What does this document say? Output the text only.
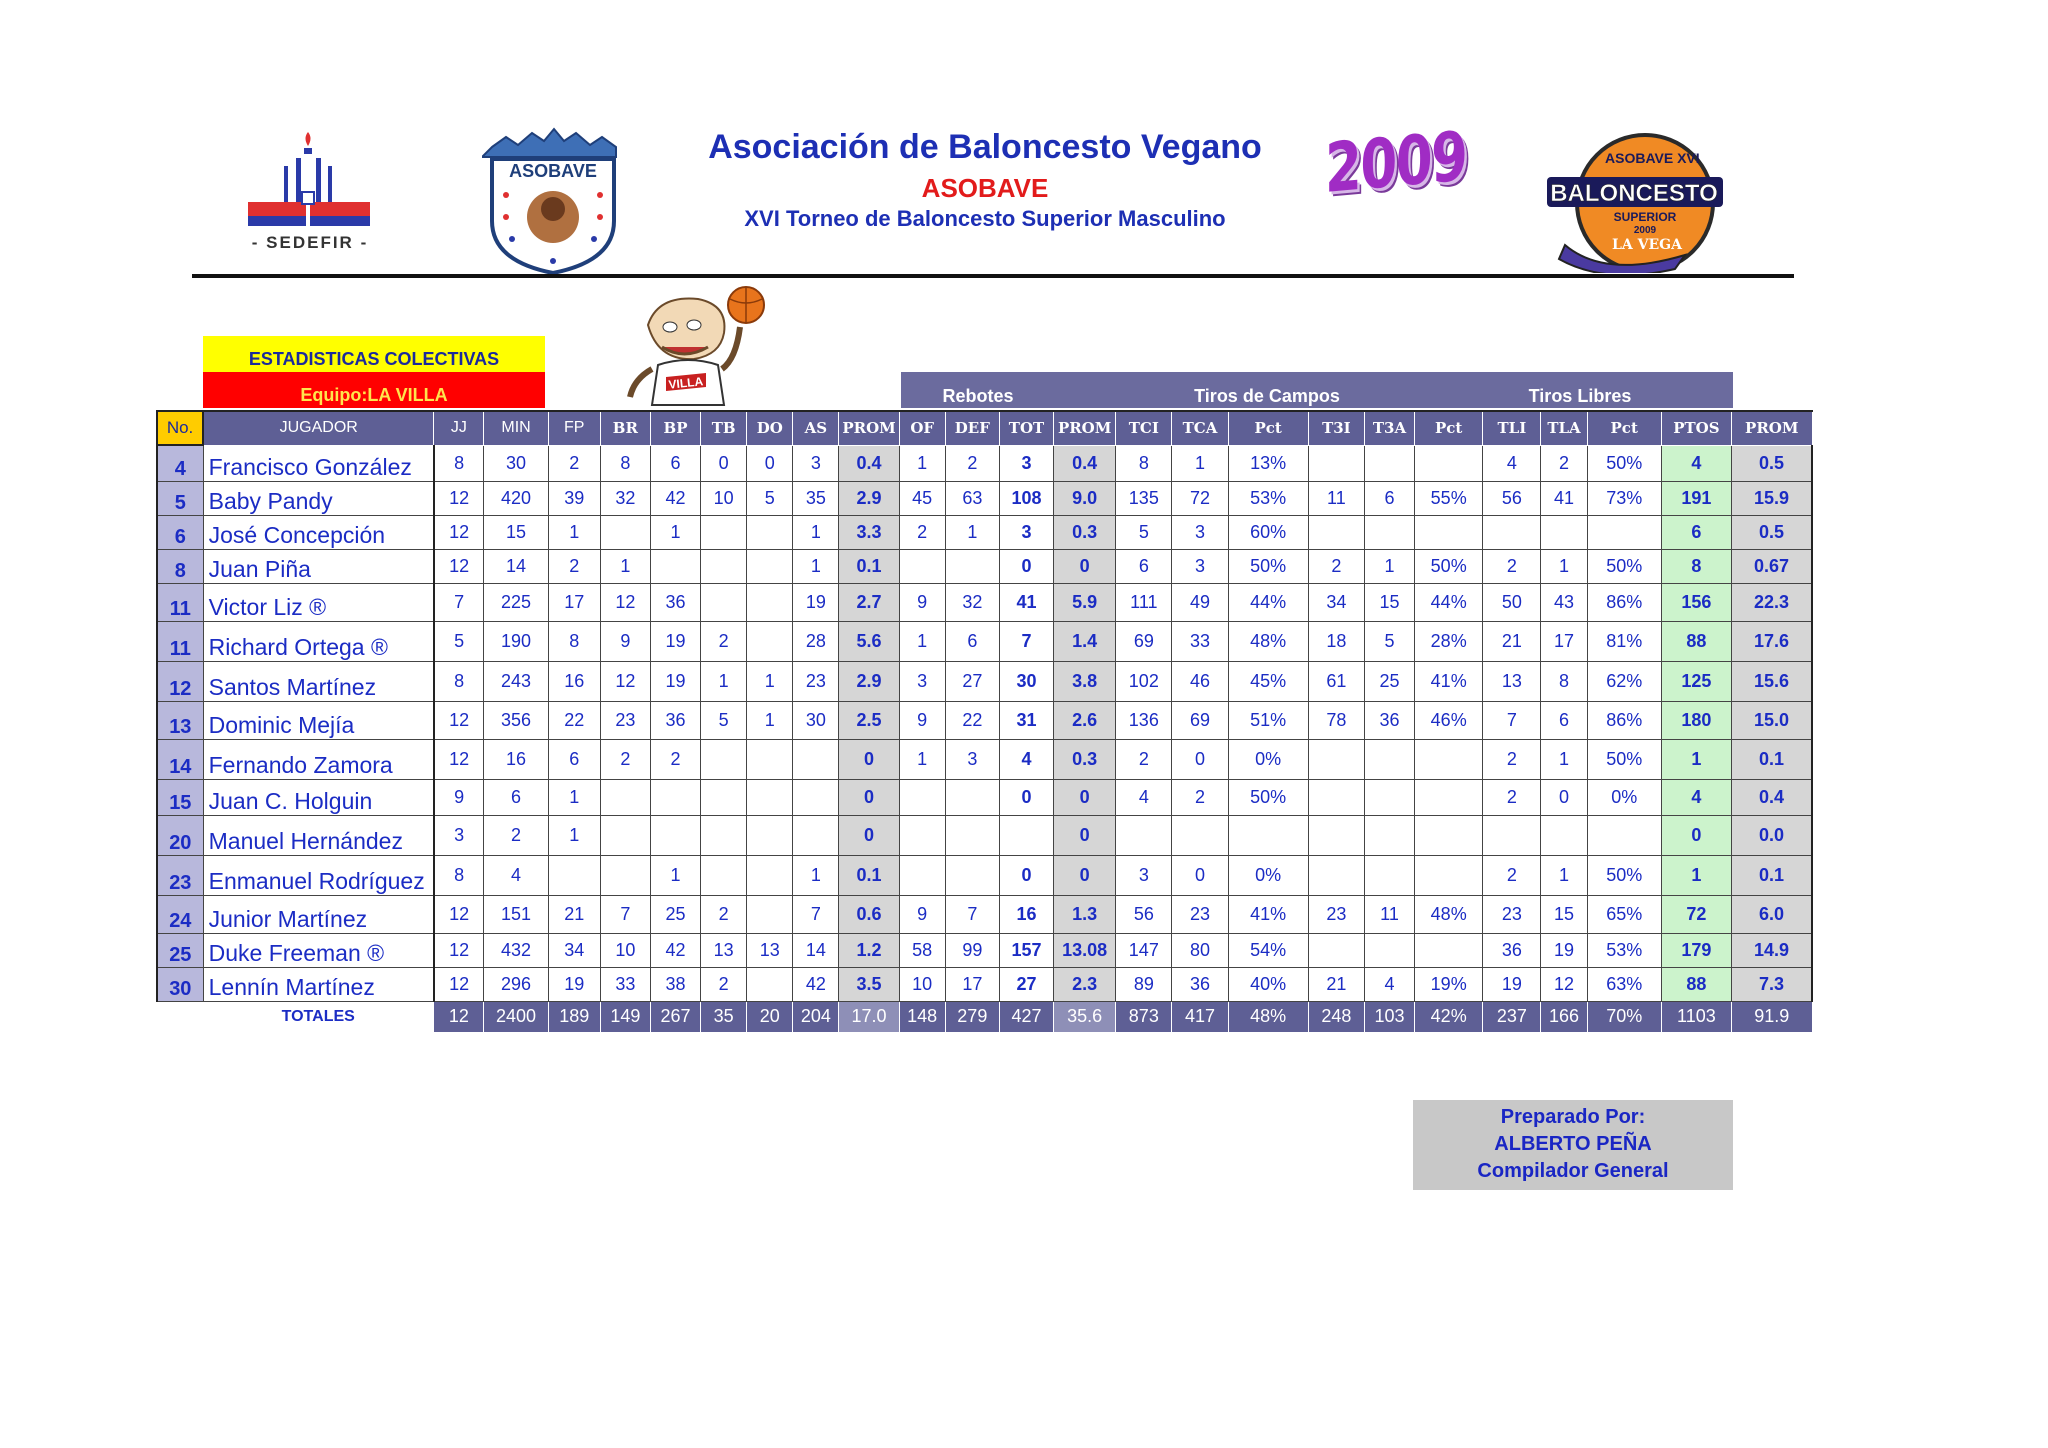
- SEDEFIR -
ASOBAVE
BALONCESTO
ASOBAVE XVI
SUPERIOR
2009
LA VEGA
VILLA
Asociación de Baloncesto Vegano
ASOBAVE
XVI Torneo de Baloncesto Superior Masculino
2009
ESTADISTICAS COLECTIVAS
Equipo:LA VILLA	Rebotes	Tiros de Campos	Tiros Libres
No.	JUGADOR	JJ	MIN	FP	BR	BP	TB	DO	AS	PROM	OF	DEF	TOT	PROM	TCI	TCA	Pct	T3I	T3A	Pct	TLI	TLA	Pct	PTOS	PROM
4	Francisco González	8	30	2	8	6	0	0	3	0.4	1	2	3	0.4	8	1	13%				4	2	50%	4	0.5
5	Baby Pandy	12	420	39	32	42	10	5	35	2.9	45	63	108	9.0	135	72	53%	11	6	55%	56	41	73%	191	15.9
6	José Concepción	12	15	1		1			1	3.3	2	1	3	0.3	5	3	60%							6	0.5
8	Juan Piña	12	14	2	1				1	0.1			0	0	6	3	50%	2	1	50%	2	1	50%	8	0.67
11	Victor Liz ®	7	225	17	12	36			19	2.7	9	32	41	5.9	111	49	44%	34	15	44%	50	43	86%	156	22.3
11	Richard Ortega ®	5	190	8	9	19	2		28	5.6	1	6	7	1.4	69	33	48%	18	5	28%	21	17	81%	88	17.6
12	Santos Martínez	8	243	16	12	19	1	1	23	2.9	3	27	30	3.8	102	46	45%	61	25	41%	13	8	62%	125	15.6
13	Dominic Mejía	12	356	22	23	36	5	1	30	2.5	9	22	31	2.6	136	69	51%	78	36	46%	7	6	86%	180	15.0
14	Fernando Zamora	12	16	6	2	2				0	1	3	4	0.3	2	0	0%				2	1	50%	1	0.1
15	Juan C. Holguin	9	6	1						0			0	0	4	2	50%				2	0	0%	4	0.4
20	Manuel Hernández	3	2	1						0				0										0	0.0
23	Enmanuel Rodríguez	8	4			1			1	0.1			0	0	3	0	0%				2	1	50%	1	0.1
24	Junior Martínez	12	151	21	7	25	2		7	0.6	9	7	16	1.3	56	23	41%	23	11	48%	23	15	65%	72	6.0
25	Duke Freeman ®	12	432	34	10	42	13	13	14	1.2	58	99	157	13.08	147	80	54%				36	19	53%	179	14.9
30	Lennín Martínez	12	296	19	33	38	2		42	3.5	10	17	27	2.3	89	36	40%	21	4	19%	19	12	63%	88	7.3
	TOTALES	12	2400	189	149	267	35	20	204	17.0	148	279	427	35.6	873	417	48%	248	103	42%	237	166	70%	1103	91.9
Preparado Por:
ALBERTO PEÑA
Compilador General
